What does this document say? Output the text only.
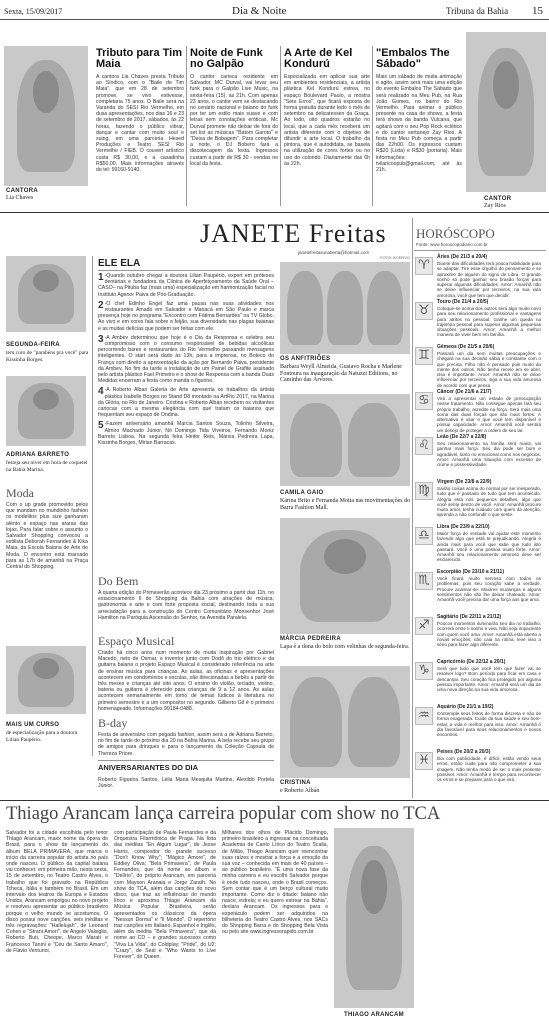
Sexta, 15/09/2017	Dia & Noite	Tribuna da Bahia 15
CANTORA
Lia Chaves
Tributo para Tim Maia
A cantora Lia Chaves presta Tributo ao Síndico, com o "Baile do Tim Maia", que em 28 de setembro promove, se vivo estivesse, completaria 75 anos. O Baile será na Varanda do SESI Rio Vermelho, em duas apresentações, nos dias 16 e 23 de setembro de 2017, sábados, às 22 horas, fazendo o público vibrar, dançar e cantar com muito soul e suing, em uma parceria Hesed Produções e Teatro SESI Rio Vermelho / FIEB. O couvert artístico custa R$ 30,00, e a casadinha R$50,00. Mais informações através do tel: 99160-9140.
Noite de Funk no Galpão
O cantor carioca residente em Salvador, MC Durval, vai levar seu funk para o Galpão Live Music, na sexta-feira (15), às 21h. Com apenas 23 anos, o cantor vem se destacando no cenário nacional e baiano do funk por ter um estilo mais suave e com letras sem conotações eróticas. Mc Durval promete não deixar de fora do set list as músicas "Batom Garoto" e "Deixa de Bobagem". Para completar a noite, o DJ Bobero fará a discotecagem da festa. Ingressos custam a partir de R$ 30 - vendas no local da festa.
A Arte de Kel Kondurú
Especializada em aplicar sua arte em ambientes residenciais, a artista plástica Kel Kondurú estrea, no espaço Boulevard Paulo, a mostra "Sete Erros", que ficará exposta de forma gratuita durante todo o mês de setembro na delicatessen da Graça. Ao todo, oito quadros estarão no local, que a cada mês receberá um artista diferente com o objetivo de difundir a arte local. O trabalho da pintora, que é autodidata, se baseia na utilização de cores fortes ou no uso do colorido. Diariamente das 6h às 22h.
"Embalos The Sábado"
Mais um sábado de muita animação e agito, assim será mais uma edição do evento Embalos The Sábado que será realizado na Meu Pub, na Rua João Gomes, no bairro do Rio Vermelho. Para animar o público presente na casa de shows, a festa terá shows da banda Vulcana, que agitará com o seu Pop Rock eclético e do cantor sertanejo Zay Rios. A festa no Meu Pub começa a partir das 22h00. Os ingressos custam R$20 (Lista) e R$30 (portaria). Mais informações: tvilaricoopub@gmail.com, até às 21h.
CANTOR
Zay Rios
JANETE Freitas
janetefreitasunaberta@hotmail.com
FOTO: ACERVO
SEGUNDA-FEIRA
tem coro de "parabéns pra você" para Kissinha Borges.
ADRIANA BARRETO
festeja seu níver em hora de coquetel na Bahia Marina.
Moda
Com o up grade promovido pelos que mandam no mundinho fashion os modelitos plus size ganharam alento e espaço nas araras das lojas. Para falar sobre o assunto o Salvador Shopping convocou a estilista Deborah Fernandes & Kika Maia, da Escola Baiana de Arte de Moda. O encontro está marcado para as 17h de amanhã na Praça Central do Shopping.
MAIS UM CURSO
de especialização para a doutora Lilian Paupério.
ELE ELA
1 -Quando outubro chegar a doutora Lilian Paupério, expert em próteses dentárias e fundadora da Clínica de Aperfeiçoamento da Saúde Oral –CASO– na Pituba faz (mais uma) especialização em harmonização facial no Instituto Agenor Paiva de Pós-Graduação.
2 -O chef Edinho Engel faz uma pausa nas suas atividades nos restaurantes Amado em Salvador e Manacá em São Paulo e marca presença hoje no programa "Encontro com Fátima Bernardes" na TV Globo. Ao vivo e em cores fala sobre o feijão, sua diversidade nas plagas baianas e as muitas delícias que podem ser feitas com ele.
3 -A Ambev determinou que hoje é o Dia da Responsa e celebra seu compromisso com o consumo responsável de bebidas alcoólicas percorrendo bares e restaurantes do Rio Vermelho passando mensagens inteligentes. O start será dado às 13h, para a imprensa, no Boteco do França com direito a apresentação da ação por Bernardo Paiva, presidente da Ambev. No fim da tarde a instalação de um Painel de Grafite assinado pelo artista plástico Fael Primeiro e o show de Responsa com a banda Duas Medidas encerram a festa como manda o figurino.
4 -A Roberto Alban Galeria de Arte apresenta os trabalhos da artista plástica Isabelle Borges no Stand D8 montado na ArtRio 2017, na Marina da Glória, no Rio de Janeiro. Cristina e Roberto Albán recebem os visitantes cariocas com a mesma elegância com que tratam os baianos que frequentam seu espaço de Ondina.
5 -Fazem aniversário amanhã Marcia Santos Souza, Tolinho Silveira, Almiro Machado Júnior, Nó Domingo Tida Viveiros, Fernando Moniz Barreto Lisboa. Na segunda feira Heitor Reis, Márcia Pedreira Lapa, Kissinha Borges, Mirian Barracas.
Do Bem
A quarta edição do Primaverão acontece dia 23 próximo a partir das 11h, no estacionamento II do Shopping da Bahia com atrações de música, gastronomia e arte e com forte proposta social, destinando toda a sua arrecadação para a construção do Centro Comunitário Monsenhor José Hamilton na Paróquia Ascensão do Senhor, na Avenida Paralela.
Espaço Musical
Criado há cinco anos num momento de muita inspiração por Gabriel Macedo, neto de Osmar, o inventor junto com Dodô do trio elétrico e da guitarra baiana o projeto Espaço Musical é considerado referência na arte de ensinar música para crianças. As aulas, as oficinas e apresentações acontecem em condomínios e escolas, são direcionadas a bebês a partir de três meses e crianças até oito anos. O ensino do violão, teclado, violino, bateria ou guitarra é oferecido para crianças de 9 a 12 anos. As aulas acontecem semanalmente em torno de temas lúdicos à literatura no primeiro semestre e a um compositor no segundo. Gilberto Gil é o primeiro homenageado. Informações 99184-0488.
B-day
Festa de aniversário com pegada fashion, assim será a de Adriana Barreto, no fim de tarde do próximo dia 20 na Bahia Marina. A bela recebe seu grupo de amigos para drinques e para o lançamento da Coleção Capsula de Thereza Priore.
ANIVERSARIANTES DO DIA
Roberto Figueira Santos, Leila Maria Mesquita Martins, Alexildo Portela Júnior.
OS ANFITRIÕES
Barbara Weyll Almeida, Gustavo Rocha e Marlene Fontoura na inauguração da Natuzzi Editions, no Caminho das Árvores.
CAMILA GAIO
Karina Brito e Fernanda Motta nas movimentações do Barra Fashion Mall.
MÁRCIA PEDREIRA
Lapa é a dona do bolo com velinhas de segunda-feira.
CRISTINA
e Roberto Albán
HORÓSCOPO
Fonte: www.horoscopodiario.com.br
♈
Áries (De 21/3 a 20/4)
Diante das dificuldades terá pouca habilidade para se adaptar. Tire esse orgulho do pensamento e se aproxime de alguém do signo de Libra. O grande sonho só pode ganhar seu brasão forças para superar algumas dificuldades. Amor: Amanhã não se deixe influenciar por terceiros, na sua vida amorosa, você que tem que decidir.
♉
Touro (De 21/4 a 20/5)
Coloque-se acima dos outros será algo muito novo para seu relacionamento profissional e vantagens para atritos no pessoal. Ganhe um queda na trajetória pessoal para superar algumas pequenas situações pessoais. Amor: Amanhã a melhor maneira de viver bem em família.
♊
Gêmeos (De 21/5 a 20/6)
Passará um dia sem muitas preocupações e chegará na sua decisão sábia e constante com o que precisa. Filho não é pensado pois muito da mente dos outros. Não tenha receio em se abrir, isso é importante. Amor: Amanhã não se deixe influenciar por terceiros, siga a sua vida amorosa de acordo com que pensa.
♋
Câncer (De 21/6 a 21/7)
Virá a apresentar um estado de preocupação nesse tratamento. Não consegue apenas fará seu próprio trabalho, acredite na força. Será mais uma soma das duas forças que são mais fortes. A alternativa é usar o que você tem disponível e possui capacidade. Amor: Amanhã você sentirá um desejo de proteger a ordem de seu lar.
♌
Leão (De 22/7 a 22/8)
Seu relacionamento na família será maior, vai ganhar mais força. Seu dia pode ser bom e agradável, tanto no emocional como nos negócios. Amor: Amanhã uma situação com excesso de ciúme e possessividade.
♍
Virgem (De 23/8 a 22/9)
Sairão coisas acima do normal por ser inesperado, tudo que é passado de tudo que tem acontecido. Alegria está nos pequenos detalhes, algo que você sente dentro de você. Amor: Amanhã procure muito amor, tenha cuidado com quem dá atenção, aprenda a não confundir o que sente.
♎
Libra (De 23/9 a 22/10)
Maior força de vontade vai ajudar este momento fazendo algo que está te prejudicando. Alegria é ainda mais para você que sabe que tudo isto passará. Você é uma pessoa muito forte. Amor: Amanhã seu relacionamento amoroso deve ser esclarecido.
♏
Escorpião (De 23/10 a 21/11)
Você ficará muito nervoso com todos os problemas, pois seu coração sabe a verdade. Procure acalmar-se. Maiores mudanças e alguns sentimentos não vão lhe deixar chateado. Amor: Amanhã você precisa dar uma força aos que ama.
♐
Sagitário (De 22/11 a 21/12)
Poucos momentos iluminarão seu dia no trabalho, ocorrerá entre ti sonho e viva. Não seja impaciente com quem você ama. Amor: Amanhã está aberto a novas emoções, não caia na rotina, leve isso a sério para fazer algo diferente.
♑
Capricórnio (De 22/12 a 20/1)
Será que tudo que você tem que fazer vai se resolver logo? Bom período para ficar em casa e descansar. Seu coração fica protegido por alguma pessoa importante. Amor: Amanhã será um dia de uma nova direção na sua vida amorosa.
♒
Aquário (De 21/1 a 19/2)
Contemple seus feitos de forma discreta e não de forma exagerada. Cuide da sua saúde e seu bem-estar, a vida é melhor para isso. Amor: Amanhã é dia favorável para seus relacionamentos e novos encontros.
♓
Peixes (De 20/2 a 20/3)
Dia com publicidade, é difícil, estão vendo seus erros, então cuide para não comprometer a sua imagem. Não tenha medo de ser o mais presente possível. Amor: Amanhã é tempo para reconhecer os erros e se preparar para o que virá.
Thiago Arancam lança carreira popular com show no TCA
Salvador foi a cidade escolhida pelo tenor Thiago Arancam, maior nome da ópera do Brasil, para o show de lançamento do álbum BELA PRIMAVERA, que marca o início da carreira popular do artista no país onde nasceu. O público da capital baiana vai conhecer, em primeira mão, nesta sexta, 15 de setembro, no Teatro Castro Alves, o trabalho que foi gravado na República Tcheca, Itália e também no Brasil. Em um intervalo dos teatros da Europa e Estados Unidos, Arancam empolgou no novo projeto e resolveu apresentar ao público brasileiro porque o velho mundo se acostumou. O disco possui nove canções, seis inéditas e três regravações: "Hallelujah", de Leonard Cohen e "Strani Amori", de Angelo Valsiglio, Roberto Buti, Cheope, Marco Marati e Francesco Tanini e "Céu de Santo Amaro", de Flávio Venturini,
com participação de Paula Fernandes e da Orquestra Filarmônica de Praga. Na lista das inéditas "En Algum Lugar", de Jesse Harris, compositor do grande sucesso "Don't Know Why"; "Mágico Amore", de Eddiey Oliva; "Bela Primavera", de Paula Fernandes, que dá nome ao álbum e "Delírio", do próprio Arancam, em parceria com Mayson Aranaia e Jorge Zarath. No show do TCA, além das canções do novo disco, que traz as influências do mundo lírico e aproxima Thiago Arancam da Música Popular Brasileira, serão apresentados os clássicos da ópera "Nessun Dorma" e "Il Mondo". O repertório traz canções em Italiano, Espanhol e Inglês, além da inédita "Bela Primavera", que dá nome ao CD – e grandes sucessos como "Viva La Vida", do Coldplay; "Pride", do U2; "Crazy", de Seal e "Who Wants to Live Forever", do Queen.
Milhares dos olhos de Plácido Domingo, primeiro brasileiro a ingressar na conceituada Academia de Canto Lírico do Teatro Scalla, de Milão, Thiago Arancam quer reencontrar suas raízes e mostrar a força e a emoção da sua voz – conhecida em mais de 40 países – ao público brasileiro. "É uma nova fase da minha carreira e eu escolhi Salvador porque é onde tudo nasceu, onde o Brasil começou. Sem contar que é um berço cultural muito importante. Como diz o ditado: baiano não nasce, estreia; e eu quero estrear na Bahia", declara Arancam. Os ingressos para o espetáculo podem ser adquiridos na bilheteria do Teatro Castro Alves, nos SACs do Shopping Barra e do Shopping Bela Vista ou pelo site www.ingressorapido.com.br
THIAGO ARANCAM
